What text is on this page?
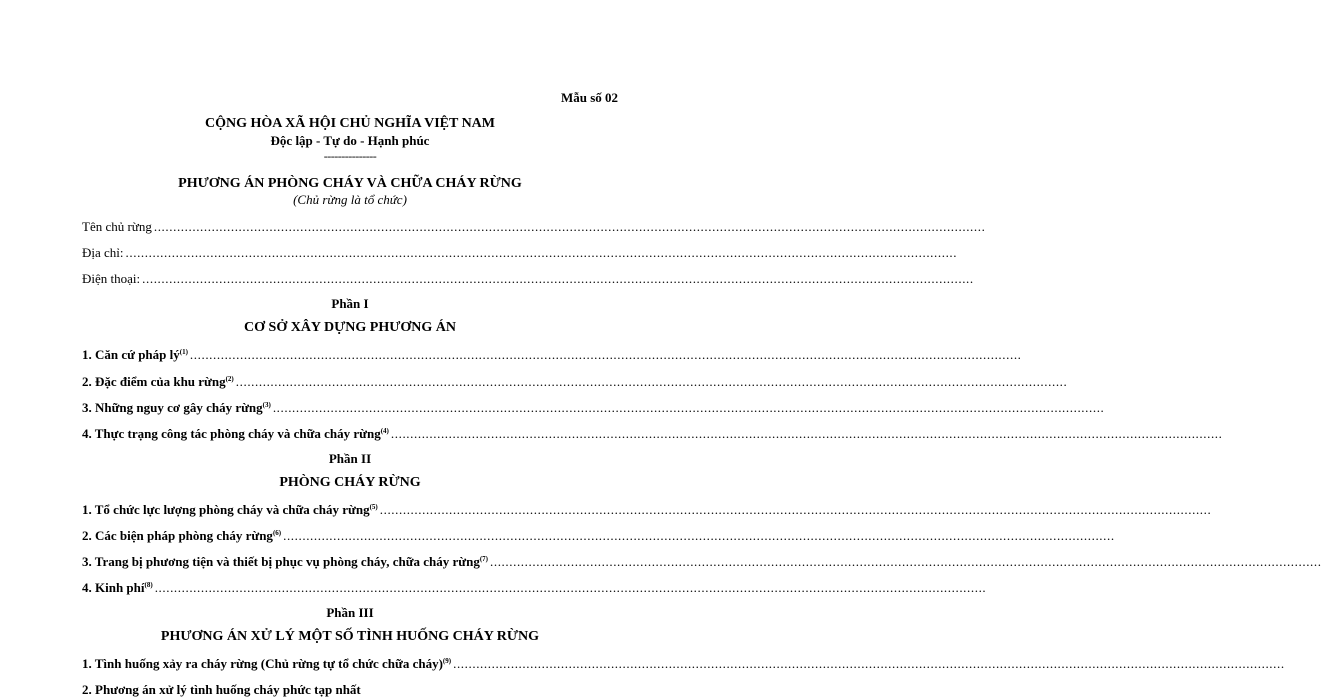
Mẫu số 02
CỘNG HÒA XÃ HỘI CHỦ NGHĨA VIỆT NAM
Độc lập - Tự do - Hạnh phúc
---------------
PHƯƠNG ÁN PHÒNG CHÁY VÀ CHỮA CHÁY RỪNG
(Chủ rừng là tổ chức)
Tên chủ rừng ........................................................................................................................................................................................................................
Địa chỉ: ........................................................................................................................................................................................................................
Điện thoại: ........................................................................................................................................................................................................................
Phần I
CƠ SỞ XÂY DỰNG PHƯƠNG ÁN
1. Căn cứ pháp $lý^{(1)}$ ........................................................................................................................................................................................................................
2. Đặc điểm của khu rừng$^{(2)}$ ........................................................................................................................................................................................................................
3. Những nguy cơ gây cháy rừng$^{(3)}$ ........................................................................................................................................................................................................................
4. Thực trạng công tác phòng cháy và chữa cháy rừng$^{(4)}$ ........................................................................................................................................................................................................................
Phần II
PHÒNG CHÁY RỪNG
1. Tổ chức lực lượng phòng cháy và chữa cháy rừng$^{(5)}$ ........................................................................................................................................................................................................................
2. Các biện pháp phòng cháy rừng$^{(6)}$ ........................................................................................................................................................................................................................
3. Trang bị phương tiện và thiết bị phục vụ phòng cháy, chữa cháy rừng$^{(7)}$ ........................................................................................................................................................................................................................
4. Kinh phí$^{(8)}$ ........................................................................................................................................................................................................................
Phần III
PHƯƠNG ÁN XỬ LÝ MỘT SỐ TÌNH HUỐNG CHÁY RỪNG
1. Tình huống xảy ra cháy rừng (Chủ rừng tự tổ chức chữa cháy)$^{(9)}$ ........................................................................................................................................................................................................................
2. Phương án xử lý tình huống cháy phức tạp nhất
